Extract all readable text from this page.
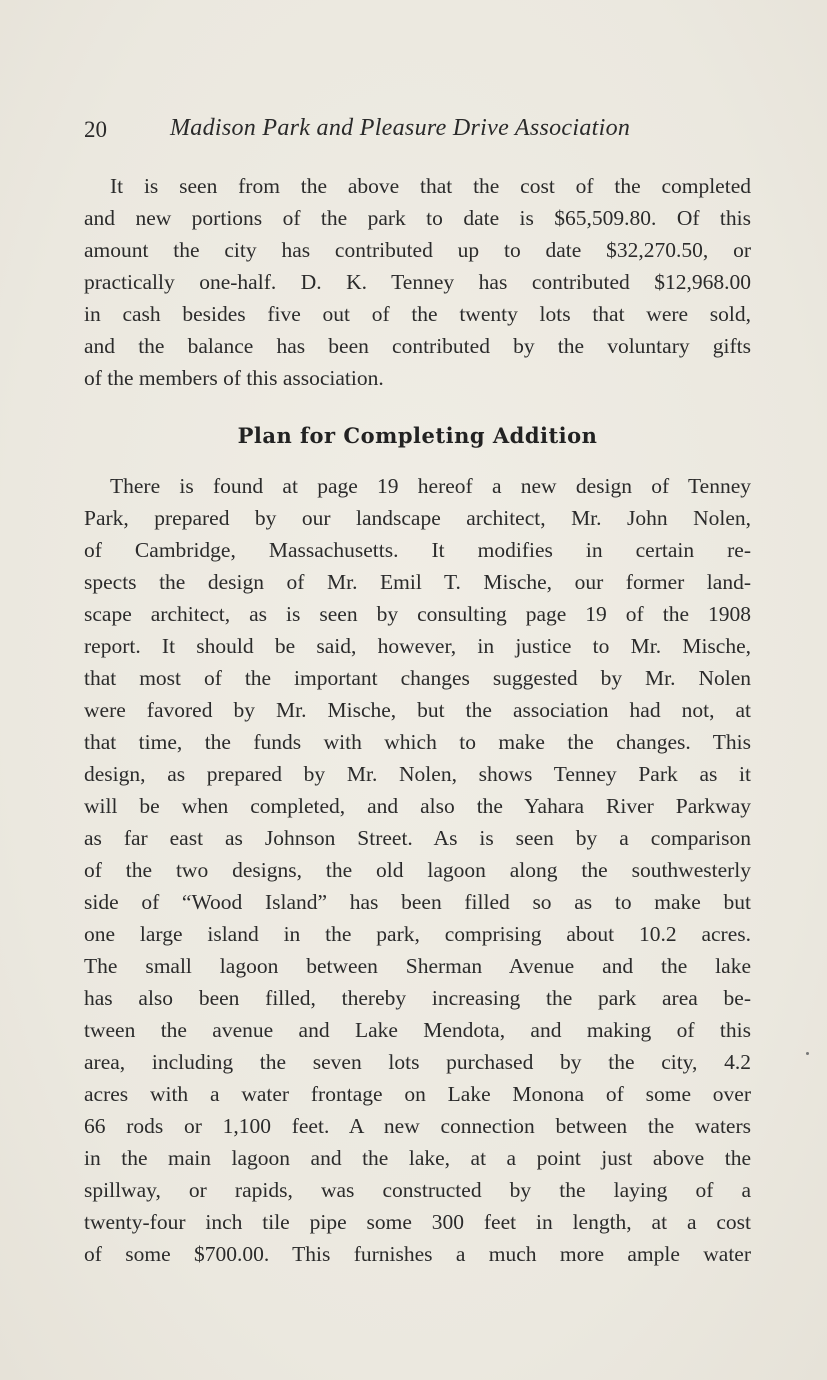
20	Madison Park and Pleasure Drive Association
It is seen from the above that the cost of the completed
and new portions of the park to date is $65,509.80. Of this
amount the city has contributed up to date $32,270.50, or
practically one-half. D. K. Tenney has contributed $12,968.00
in cash besides five out of the twenty lots that were sold,
and the balance has been contributed by the voluntary gifts
of the members of this association.
Plan for Completing Addition
There is found at page 19 hereof a new design of Tenney
Park, prepared by our landscape architect, Mr. John Nolen,
of Cambridge, Massachusetts. It modifies in certain re-
spects the design of Mr. Emil T. Mische, our former land-
scape architect, as is seen by consulting page 19 of the 1908
report. It should be said, however, in justice to Mr. Mische,
that most of the important changes suggested by Mr. Nolen
were favored by Mr. Mische, but the association had not, at
that time, the funds with which to make the changes. This
design, as prepared by Mr. Nolen, shows Tenney Park as it
will be when completed, and also the Yahara River Parkway
as far east as Johnson Street. As is seen by a comparison
of the two designs, the old lagoon along the southwesterly
side of “Wood Island” has been filled so as to make but
one large island in the park, comprising about 10.2 acres.
The small lagoon between Sherman Avenue and the lake
has also been filled, thereby increasing the park area be-
tween the avenue and Lake Mendota, and making of this
area, including the seven lots purchased by the city, 4.2
acres with a water frontage on Lake Monona of some over
66 rods or 1,100 feet. A new connection between the waters
in the main lagoon and the lake, at a point just above the
spillway, or rapids, was constructed by the laying of a
twenty-four inch tile pipe some 300 feet in length, at a cost
of some $700.00. This furnishes a much more ample water
